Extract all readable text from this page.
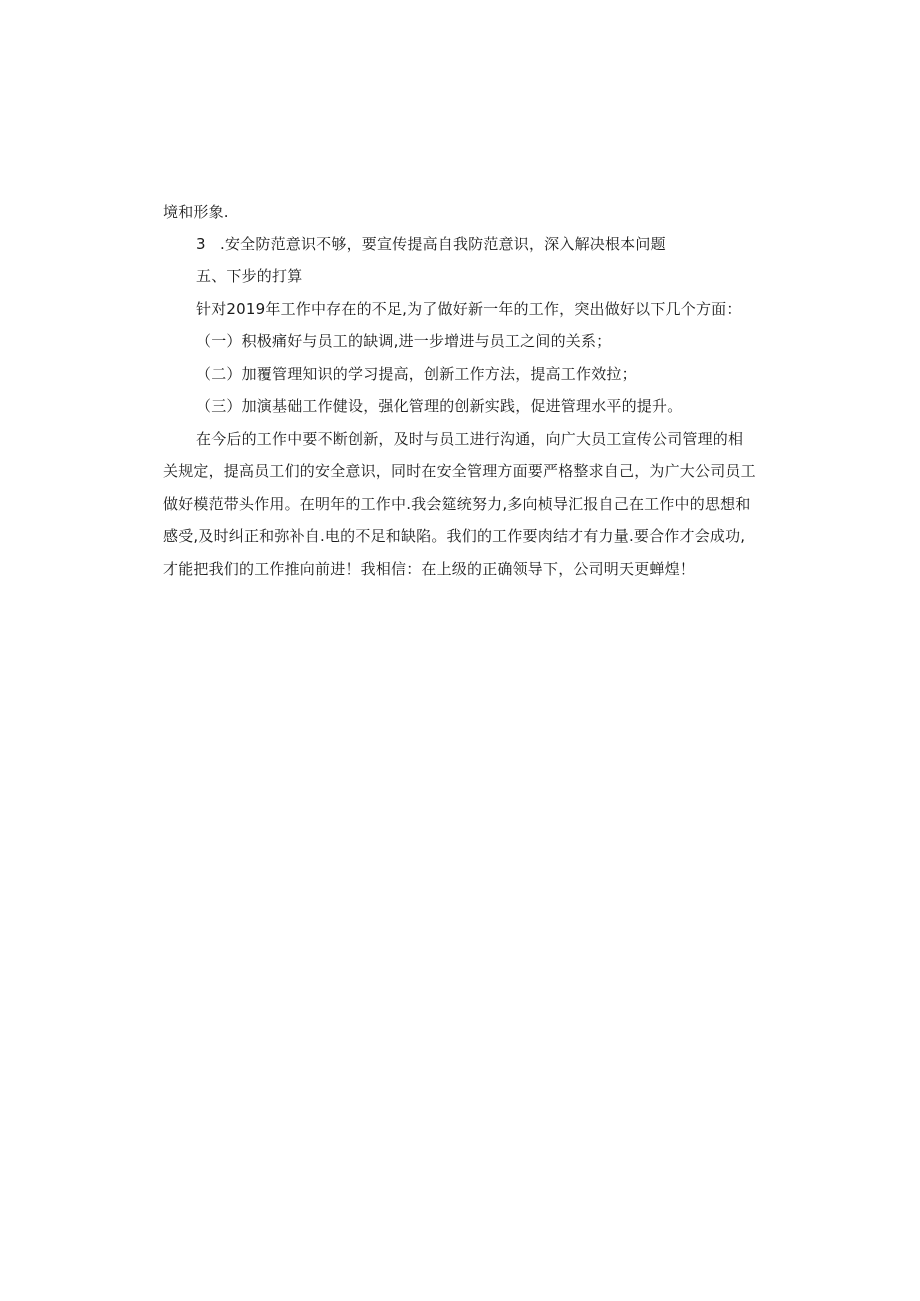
境和形象.
3 .安全防范意识不够，要宣传提高自我防范意识，深入解决根本问题
五、下步的打算
针对2019年工作中存在的不足,为了做好新一年的工作，突出做好以下几个方面：
（一）积极痛好与员工的缺调,进一步增进与员工之间的关系；
（二）加覆管理知识的学习提高，创新工作方法，提高工作效拉；
（三）加演基础工作健设，强化管理的创新实践，促进管理水平的提升。
在今后的工作中要不断创新，及时与员工进行沟通，向广大员工宣传公司管理的相
关规定，提高员工们的安全意识，同时在安全管理方面要严格整求自己，为广大公司员工
做好模范带头作用。在明年的工作中.我会筵统努力,多向桢导汇报自己在工作中的思想和
感受,及时纠正和弥补自.电的不足和缺陷。我们的工作要肉结才有力量.要合作才会成功,
才能把我们的工作推向前进！我相信：在上级的正确领导下，公司明天更蝉煌！
